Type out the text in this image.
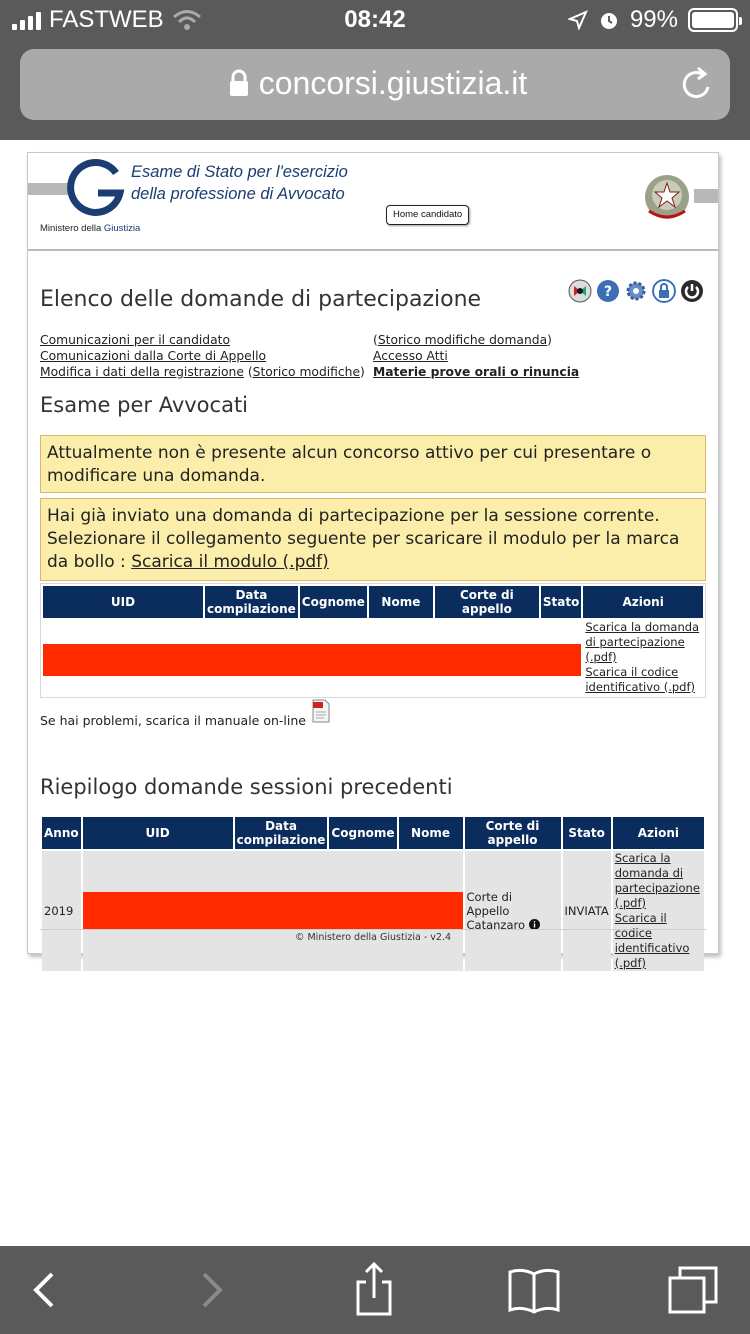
FASTWEB	08:42	99%
concorsi.giustizia.it
Esame di Stato per l'esercizio
della professione di Avvocato
Ministero della Giustizia
Home candidato
Elenco delle domande di partecipazione	?
Comunicazioni per il candidato	(Storico modifiche domanda)
Comunicazioni dalla Corte di Appello	Accesso Atti
Modifica i dati della registrazione (Storico modifiche) Materie prove orali o rinuncia
Esame per Avvocati
Attualmente non è presente alcun concorso attivo per cui presentare o modificare una domanda.
Hai già inviato una domanda di partecipazione per la sessione corrente. Selezionare il collegamento seguente per scaricare il modulo per la marca da bollo : Scarica il modulo (.pdf)
UID	Data compilazione	Cognome	Nome	Corte di appello	Stato	Azioni

						Scarica la domanda di partecipazione (.pdf)
Scarica il codice identificativo (.pdf)
Se hai problemi, scarica il manuale on-line
Riepilogo domande sessioni precedenti
Anno	UID	Data compilazione	Cognome	Nome	Corte di appello	Stato	Azioni
2019					Corte di Appello Catanzaro	INVIATA	Scarica la domanda di partecipazione (.pdf)
Scarica il codice identificativo (.pdf)
© Ministero della Giustizia - v2.4
